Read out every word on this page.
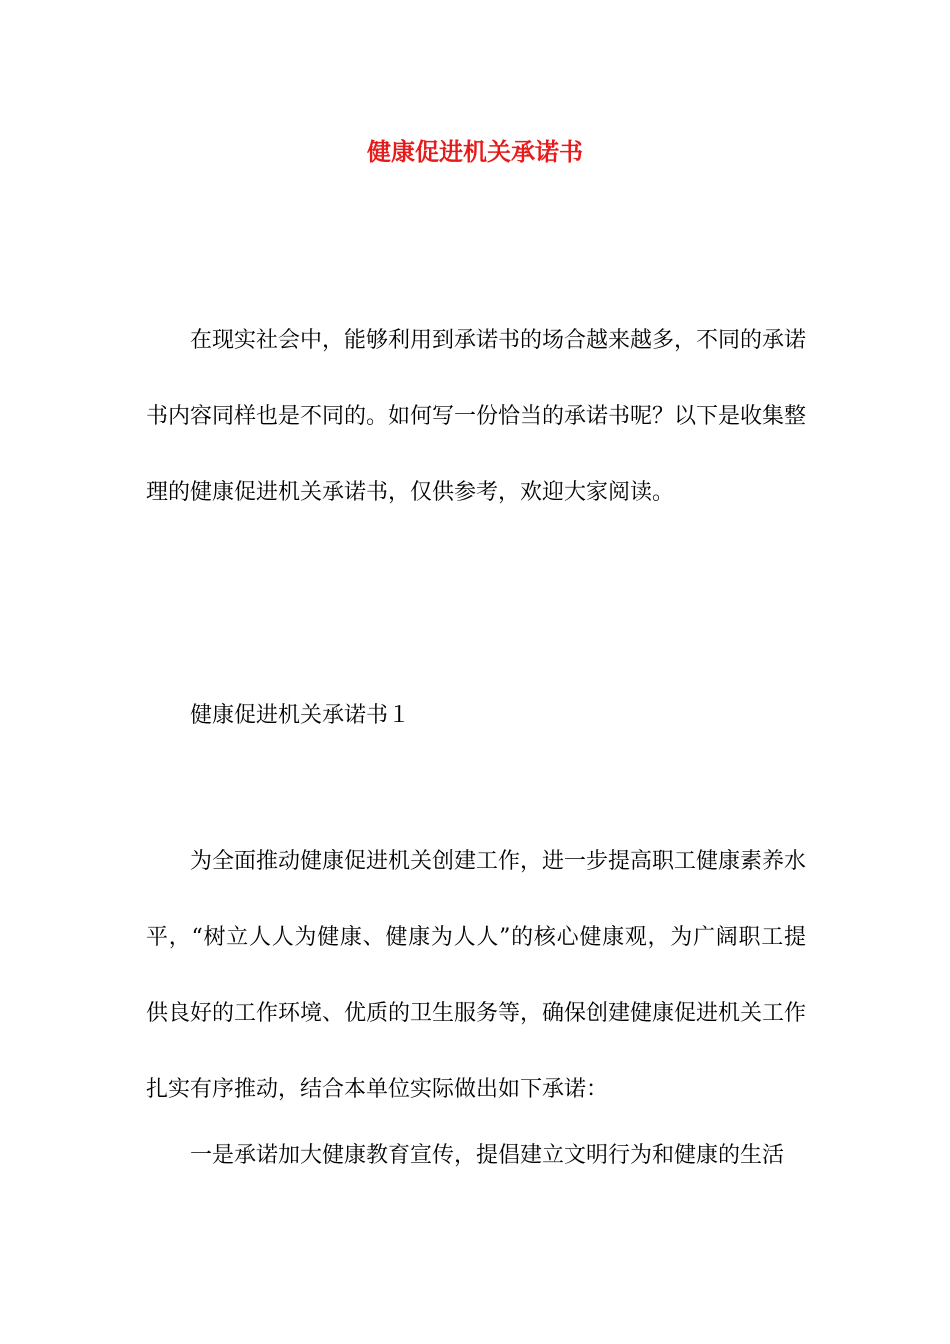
健康促进机关承诺书

在现实社会中，能够利用到承诺书的场合越来越多，不同的承诺书内容同样也是不同的。如何写一份恰当的承诺书呢？以下是收集整理的健康促进机关承诺书，仅供参考，欢迎大家阅读。

健康促进机关承诺书１

为全面推动健康促进机关创建工作，进一步提高职工健康素养水平，“树立人人为健康、健康为人人”的核心健康观，为广阔职工提供良好的工作环境、优质的卫生服务等，确保创建健康促进机关工作扎实有序推动，结合本单位实际做出如下承诺：

一是承诺加大健康教育宣传，提倡建立文明行为和健康的生活
